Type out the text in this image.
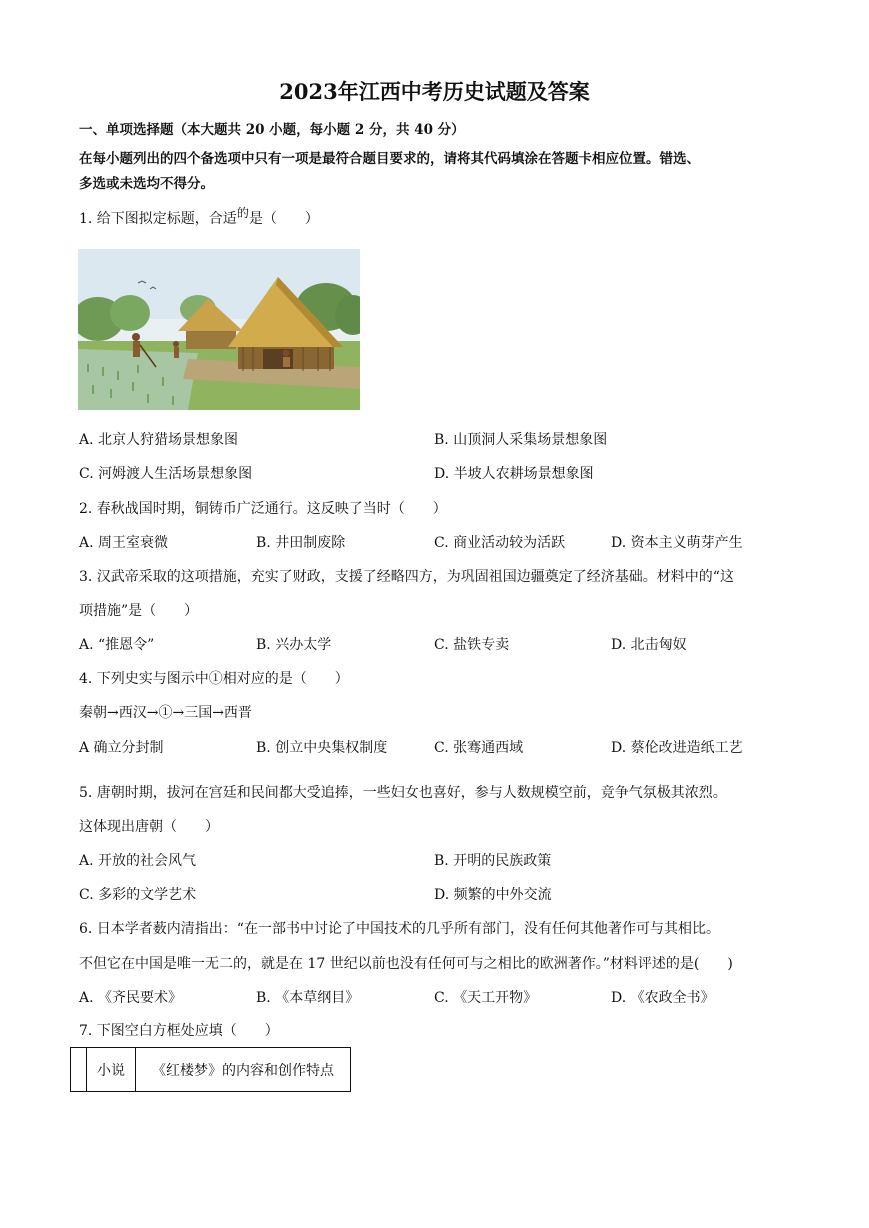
2023年江西中考历史试题及答案
一、单项选择题（本大题共 20 小题，每小题 2 分，共 40 分）
在每小题列出的四个备选项中只有一项是最符合题目要求的，请将其代码填涂在答题卡相应位置。错选、
多选或未选均不得分。
1. 给下图拟定标题，合适的是（　　）
A. 北京人狩猎场景想象图	B. 山顶洞人采集场景想象图
C. 河姆渡人生活场景想象图	D. 半坡人农耕场景想象图
2. 春秋战国时期，铜铸币广泛通行。这反映了当时（　　）
A. 周王室衰微	B. 井田制废除	C. 商业活动较为活跃	D. 资本主义萌芽产生
3. 汉武帝采取的这项措施，充实了财政，支援了经略四方，为巩固祖国边疆奠定了经济基础。材料中的“这
项措施”是（　　）
A. “推恩令”	B. 兴办太学	C. 盐铁专卖	D. 北击匈奴
4. 下列史实与图示中①相对应的是（　　）
秦朝→西汉→①→三国→西晋
A 确立分封制	B. 创立中央集权制度	C. 张骞通西域	D. 蔡伦改进造纸工艺
5. 唐朝时期，拔河在宫廷和民间都大受追捧，一些妇女也喜好，参与人数规模空前，竞争气氛极其浓烈。
这体现出唐朝（　　）
A. 开放的社会风气	B. 开明的民族政策
C. 多彩的文学艺术	D. 频繁的中外交流
6. 日本学者薮内清指出：“在一部书中讨论了中国技术的几乎所有部门，没有任何其他著作可与其相比。
不但它在中国是唯一无二的，就是在 17 世纪以前也没有任何可与之相比的欧洲著作。”材料评述的是(　　)
A. 《齐民要术》	B. 《本草纲目》	C. 《天工开物》	D. 《农政全书》
7. 下图空白方框处应填（　　）
	小说	《红楼梦》的内容和创作特点
